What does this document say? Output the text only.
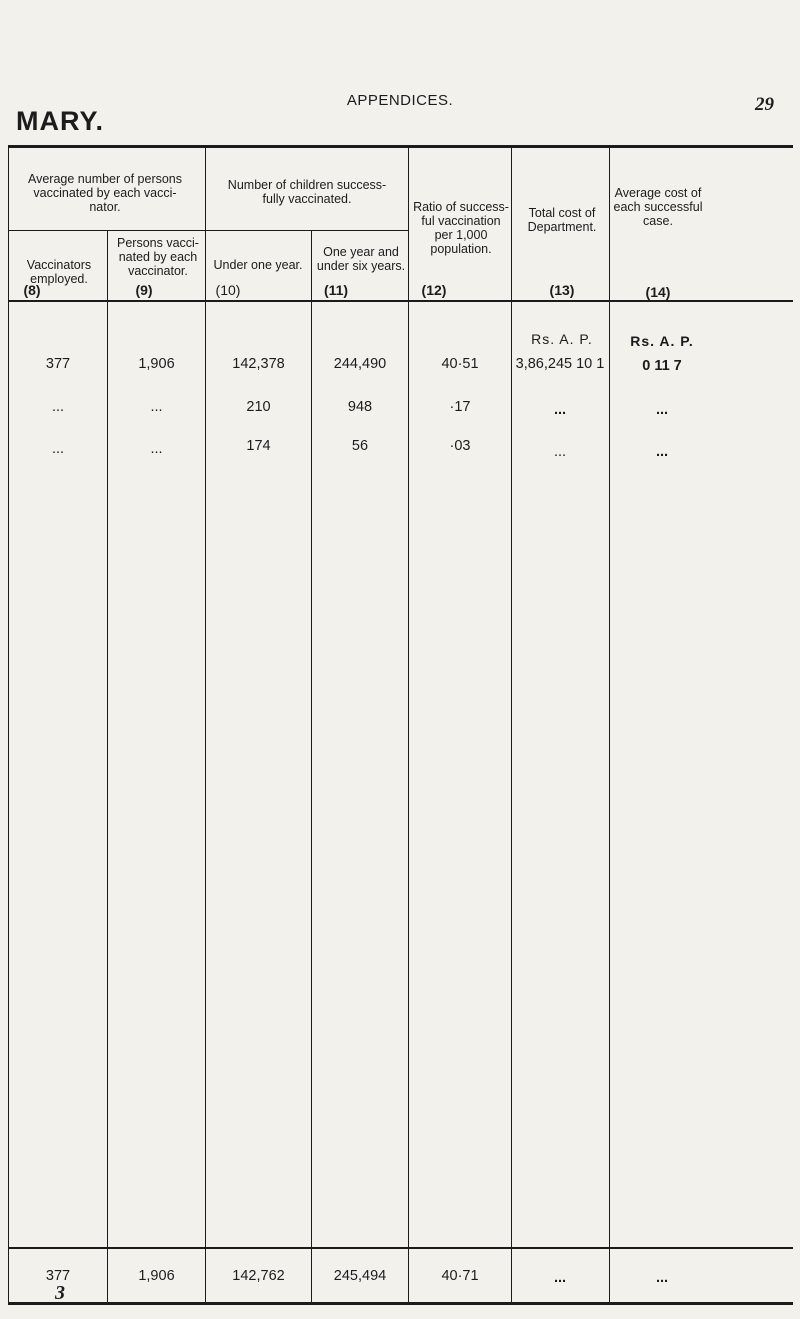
APPENDICES.	29
MARY.
Average number of persons vaccinated by each vacci-nator.
Number of children success-fully vaccinated.
Vaccinators employed.
(8)
Persons vacci-nated by each vaccinator.
(9)
Under one year.
(10)
One year and under six years.
(11)
Ratio of success-ful vaccination per 1,000 population.
(12)
Total cost of Department.
(13)
Average cost of each successful case.
(14)
Rs. A. P.	Rs. A. P.
377	1,906	142,378	244,490	40·51	3,86,245 10 1	0 11 7
...	...	210	948	·17	...	...
...	...	174	56	·03	...	...
377	1,906	142,762	245,494	40·71	...	...
3
